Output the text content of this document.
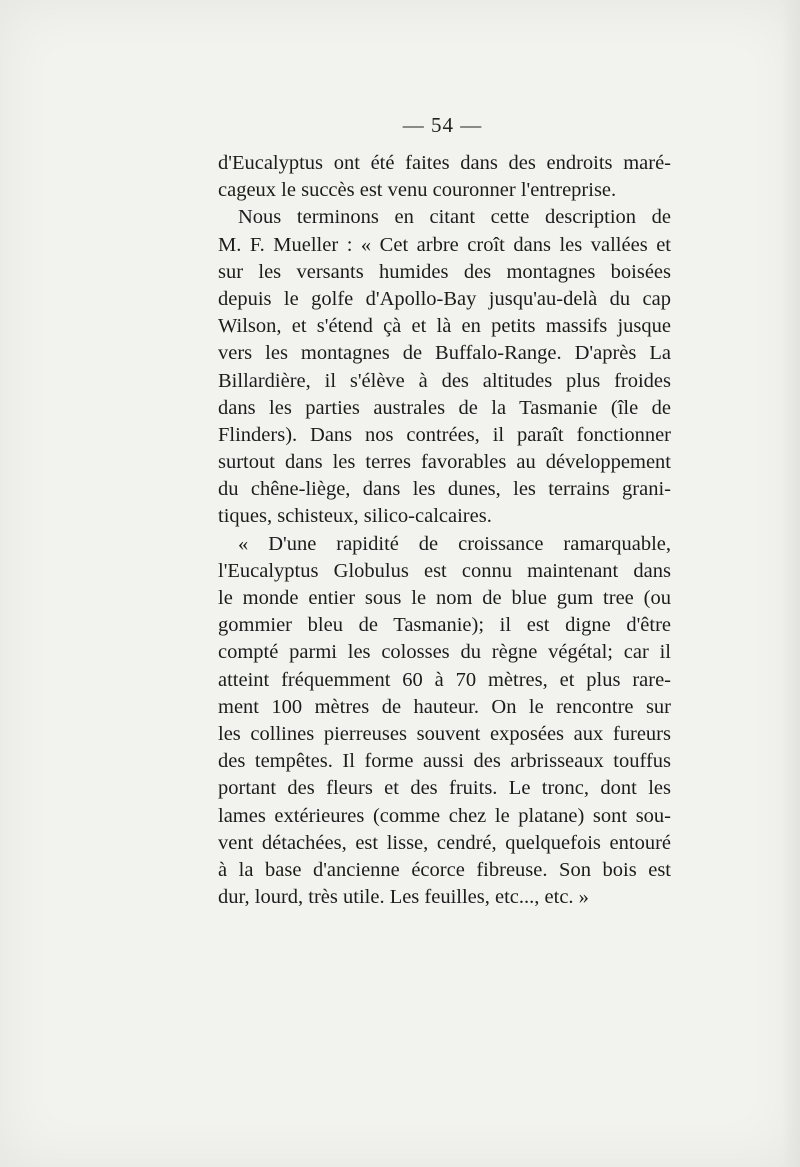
— 54 —
d'Eucalyptus ont été faites dans des endroits maré-
cageux le succès est venu couronner l'entreprise.
Nous terminons en citant cette description de
M. F. Mueller : « Cet arbre croît dans les vallées et
sur les versants humides des montagnes boisées
depuis le golfe d'Apollo-Bay jusqu'au-delà du cap
Wilson, et s'étend çà et là en petits massifs jusque
vers les montagnes de Buffalo-Range. D'après La
Billardière, il s'élève à des altitudes plus froides
dans les parties australes de la Tasmanie (île de
Flinders). Dans nos contrées, il paraît fonctionner
surtout dans les terres favorables au développement
du chêne-liège, dans les dunes, les terrains grani-
tiques, schisteux, silico-calcaires.
« D'une rapidité de croissance ramarquable,
l'Eucalyptus Globulus est connu maintenant dans
le monde entier sous le nom de blue gum tree (ou
gommier bleu de Tasmanie); il est digne d'être
compté parmi les colosses du règne végétal; car il
atteint fréquemment 60 à 70 mètres, et plus rare-
ment 100 mètres de hauteur. On le rencontre sur
les collines pierreuses souvent exposées aux fureurs
des tempêtes. Il forme aussi des arbrisseaux touffus
portant des fleurs et des fruits. Le tronc, dont les
lames extérieures (comme chez le platane) sont sou-
vent détachées, est lisse, cendré, quelquefois entouré
à la base d'ancienne écorce fibreuse. Son bois est
dur, lourd, très utile. Les feuilles, etc..., etc. »
